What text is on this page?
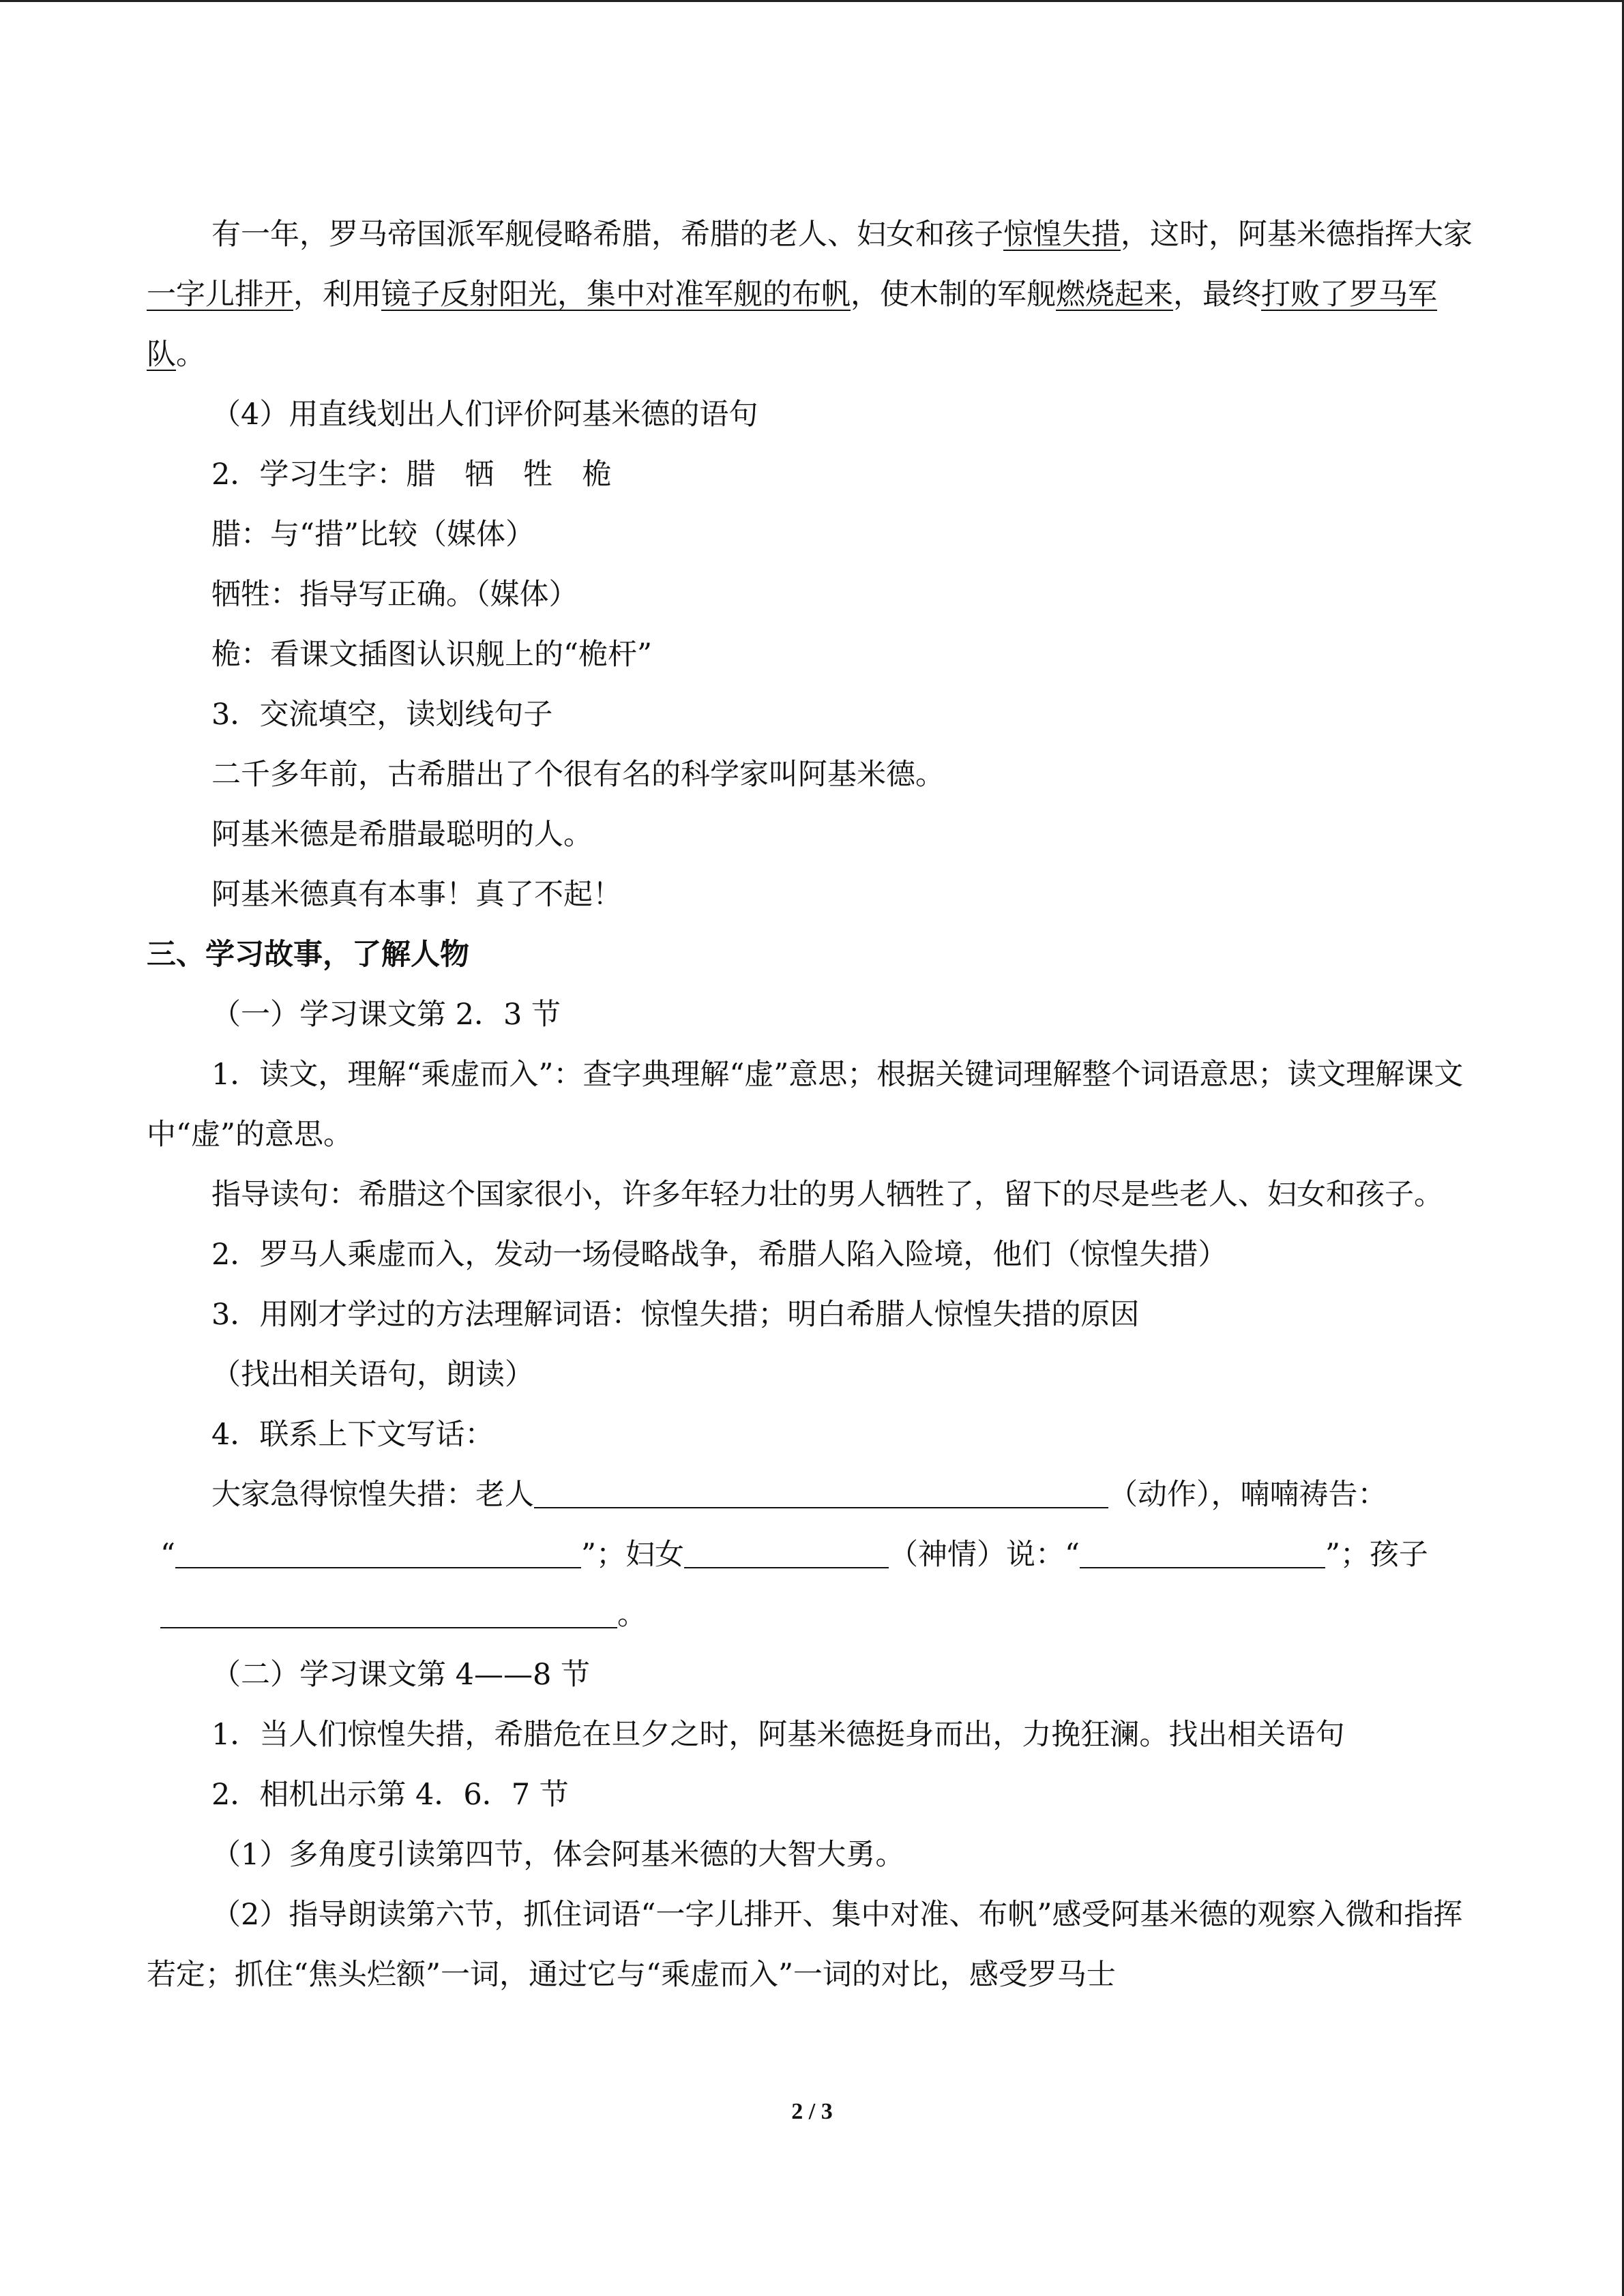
有一年，罗马帝国派军舰侵略希腊，希腊的老人、妇女和孩子惊惶失措，这时，阿基米德指挥大家一字儿排开，利用镜子反射阳光，集中对准军舰的布帆，使木制的军舰燃烧起来，最终打败了罗马军队。

（4）用直线划出人们评价阿基米德的语句

2．学习生字：腊　牺　牲　桅

腊：与“措”比较（媒体）

牺牲：指导写正确。（媒体）

桅：看课文插图认识舰上的“桅杆”

3．交流填空，读划线句子

二千多年前，古希腊出了个很有名的科学家叫阿基米德。

阿基米德是希腊最聪明的人。

阿基米德真有本事！真了不起！

三、学习故事，了解人物

（一）学习课文第 2．3 节

1．读文，理解“乘虚而入”：查字典理解“虚”意思；根据关键词理解整个词语意思；读文理解课文中“虚”的意思。

指导读句：希腊这个国家很小，许多年轻力壮的男人牺牲了，留下的尽是些老人、妇女和孩子。

2．罗马人乘虚而入，发动一场侵略战争，希腊人陷入险境，他们（惊惶失措）

3．用刚才学过的方法理解词语：惊惶失措；明白希腊人惊惶失措的原因

（找出相关语句，朗读）

4．联系上下文写话：

大家急得惊惶失措：老人	（动作），喃喃祷告：

“	”；妇女	（神情）说：“	”；孩子。

（二）学习课文第 4——8 节

1．当人们惊惶失措，希腊危在旦夕之时，阿基米德挺身而出，力挽狂澜。找出相关语句

2．相机出示第 4．6．7 节

（1）多角度引读第四节，体会阿基米德的大智大勇。

（2）指导朗读第六节，抓住词语“一字儿排开、集中对准、布帆”感受阿基米德的观察入微和指挥若定；抓住“焦头烂额”一词，通过它与“乘虚而入”一词的对比，感受罗马士

2 / 3
